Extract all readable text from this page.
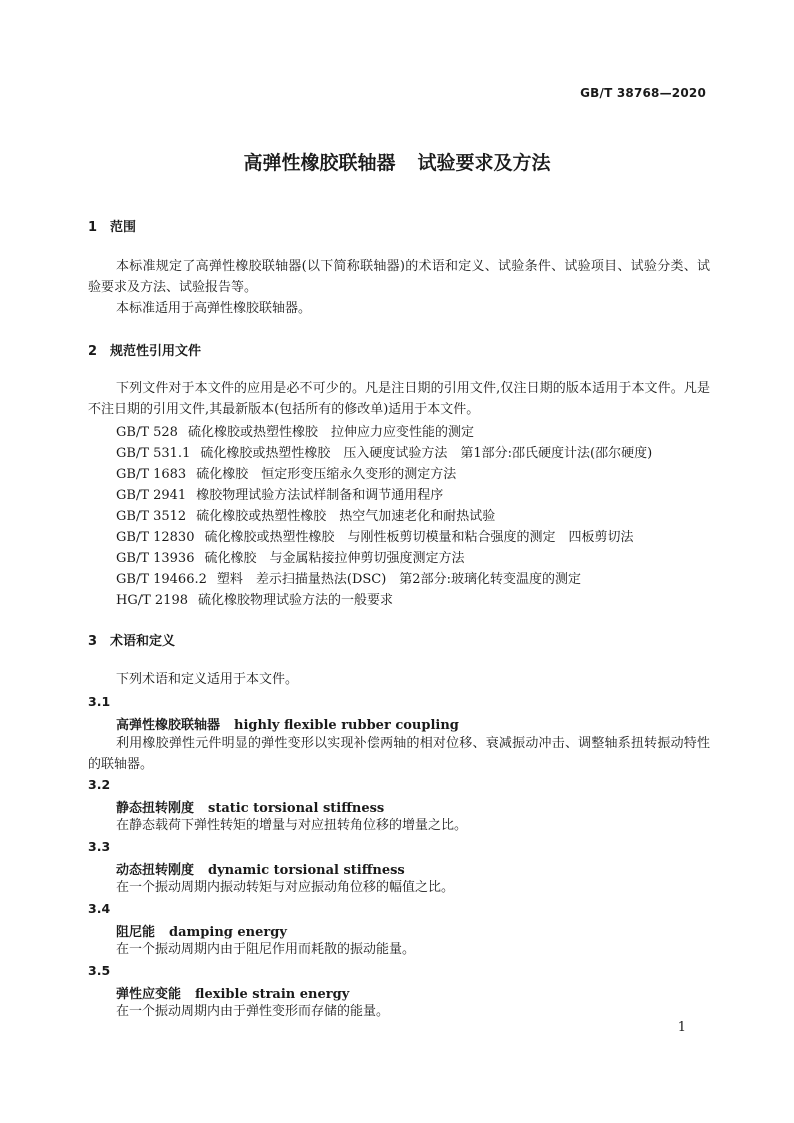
GB/T 38768—2020
高弹性橡胶联轴器 试验要求及方法
1 范围
本标准规定了高弹性橡胶联轴器(以下简称联轴器)的术语和定义、试验条件、试验项目、试验分类、试验要求及方法、试验报告等。
本标准适用于高弹性橡胶联轴器。
2 规范性引用文件
下列文件对于本文件的应用是必不可少的。凡是注日期的引用文件,仅注日期的版本适用于本文件。凡是不注日期的引用文件,其最新版本(包括所有的修改单)适用于本文件。
GB/T 528 硫化橡胶或热塑性橡胶　拉伸应力应变性能的测定
GB/T 531.1 硫化橡胶或热塑性橡胶　压入硬度试验方法　第1部分:邵氏硬度计法(邵尔硬度)
GB/T 1683 硫化橡胶　恒定形变压缩永久变形的测定方法
GB/T 2941 橡胶物理试验方法试样制备和调节通用程序
GB/T 3512 硫化橡胶或热塑性橡胶　热空气加速老化和耐热试验
GB/T 12830 硫化橡胶或热塑性橡胶　与刚性板剪切模量和粘合强度的测定　四板剪切法
GB/T 13936 硫化橡胶　与金属粘接拉伸剪切强度测定方法
GB/T 19466.2 塑料　差示扫描量热法(DSC)　第2部分:玻璃化转变温度的测定
HG/T 2198 硫化橡胶物理试验方法的一般要求
3 术语和定义
下列术语和定义适用于本文件。
3.1
高弹性橡胶联轴器 highly flexible rubber coupling
利用橡胶弹性元件明显的弹性变形以实现补偿两轴的相对位移、衰减振动冲击、调整轴系扭转振动特性的联轴器。
3.2
静态扭转刚度 static torsional stiffness
在静态载荷下弹性转矩的增量与对应扭转角位移的增量之比。
3.3
动态扭转刚度 dynamic torsional stiffness
在一个振动周期内振动转矩与对应振动角位移的幅值之比。
3.4
阻尼能 damping energy
在一个振动周期内由于阻尼作用而耗散的振动能量。
3.5
弹性应变能 flexible strain energy
在一个振动周期内由于弹性变形而存储的能量。
1
